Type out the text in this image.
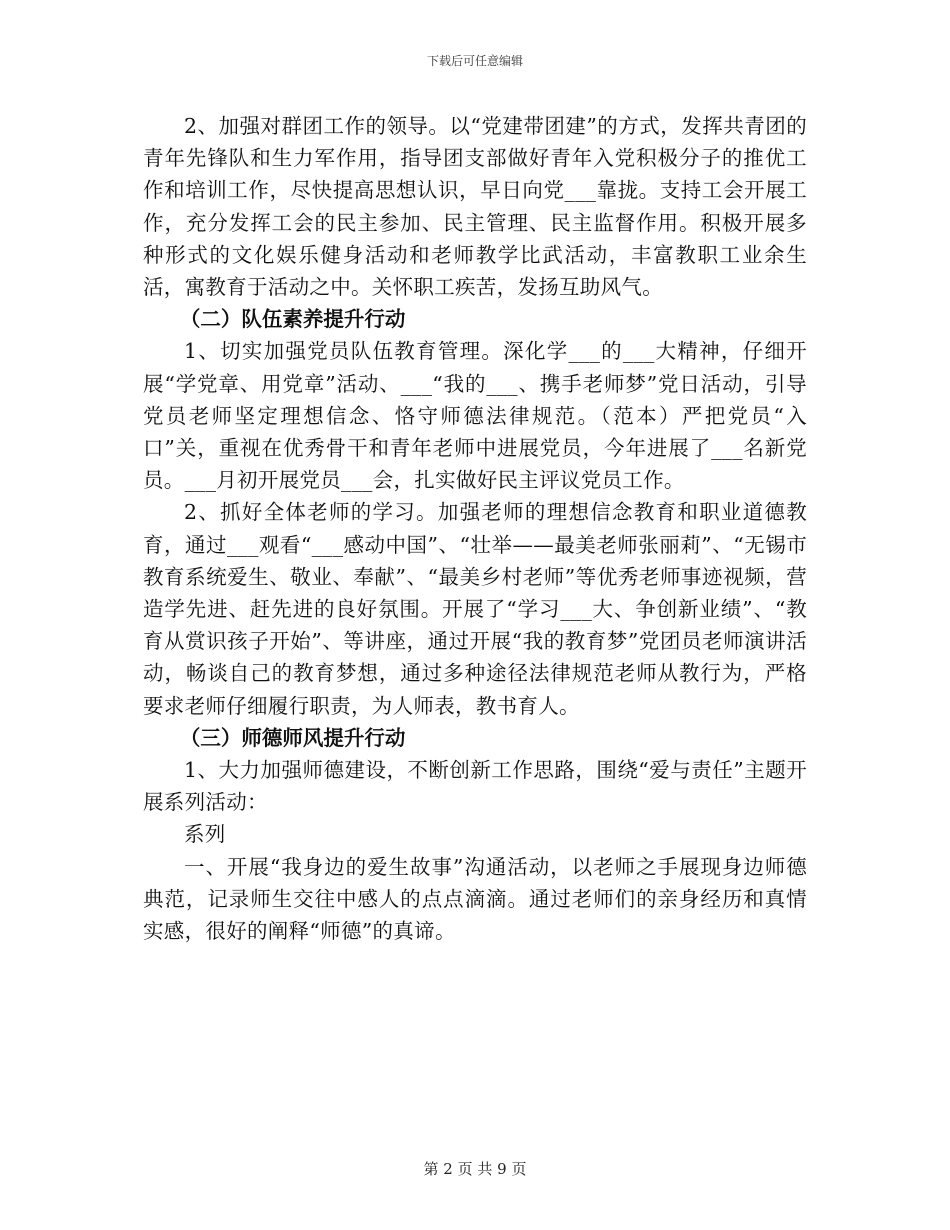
下载后可任意编辑

2、加强对群团工作的领导。以“党建带团建”的方式，发挥共青团的青年先锋队和生力军作用，指导团支部做好青年入党积极分子的推优工作和培训工作，尽快提高思想认识，早日向党___靠拢。支持工会开展工作，充分发挥工会的民主参加、民主管理、民主监督作用。积极开展多种形式的文化娱乐健身活动和老师教学比武活动，丰富教职工业余生活，寓教育于活动之中。关怀职工疾苦，发扬互助风气。

（二）队伍素养提升行动

1、切实加强党员队伍教育管理。深化学___的___大精神，仔细开展“学党章、用党章”活动、___“我的___、携手老师梦”党日活动，引导党员老师坚定理想信念、恪守师德法律规范。（范本）严把党员“入口”关，重视在优秀骨干和青年老师中进展党员，今年进展了___名新党员。___月初开展党员___会，扎实做好民主评议党员工作。

2、抓好全体老师的学习。加强老师的理想信念教育和职业道德教育，通过___观看“___感动中国”、“壮举——最美老师张丽莉”、“无锡市教育系统爱生、敬业、奉献”、“最美乡村老师”等优秀老师事迹视频，营造学先进、赶先进的良好氛围。开展了“学习___大、争创新业绩”、“教育从赏识孩子开始”、等讲座，通过开展“我的教育梦”党团员老师演讲活动，畅谈自己的教育梦想，通过多种途径法律规范老师从教行为，严格要求老师仔细履行职责，为人师表，教书育人。

（三）师德师风提升行动

1、大力加强师德建设，不断创新工作思路，围绕“爱与责任”主题开展系列活动：

系列

一、开展“我身边的爱生故事”沟通活动，以老师之手展现身边师德典范，记录师生交往中感人的点点滴滴。通过老师们的亲身经历和真情实感，很好的阐释“师德”的真谛。

第 2 页 共 9 页
